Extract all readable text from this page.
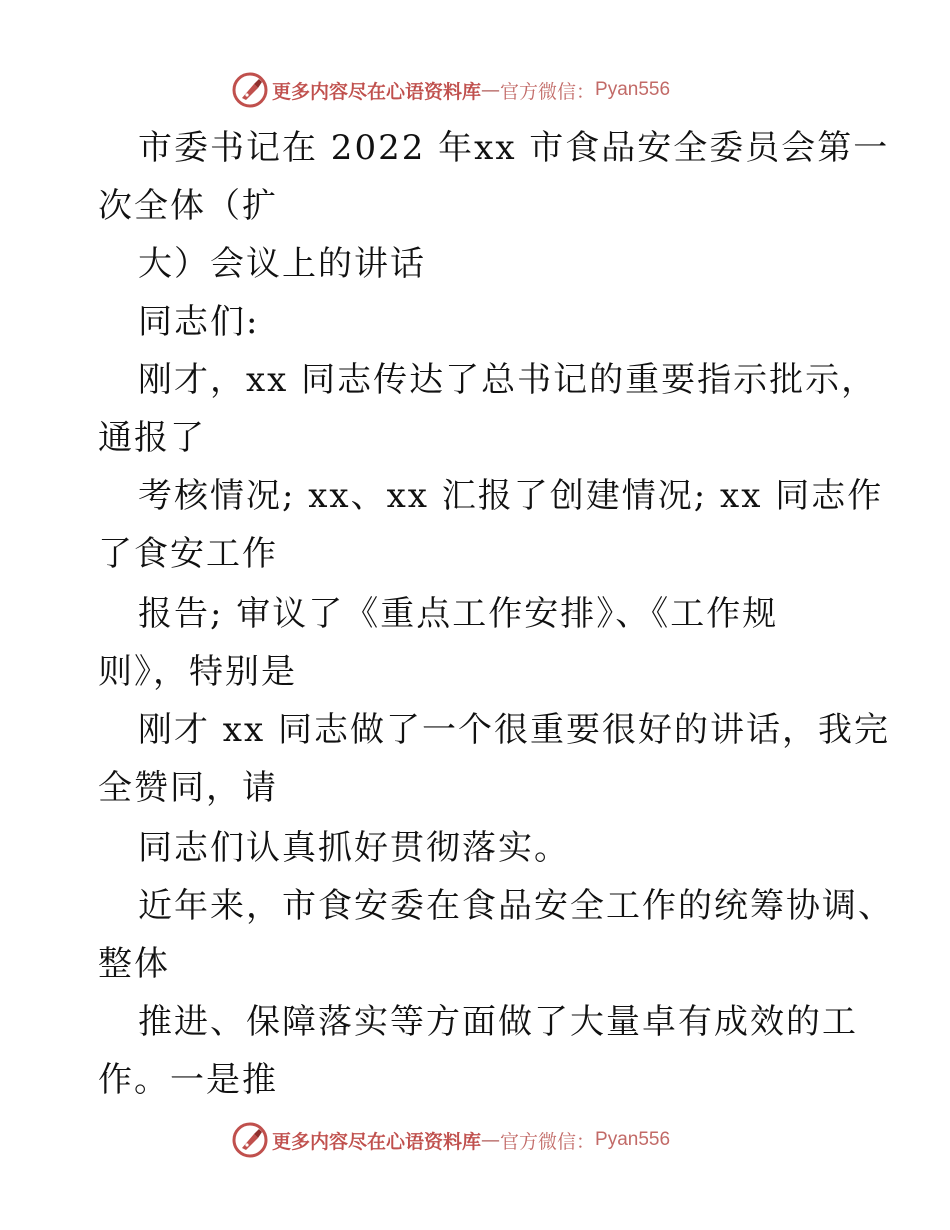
更多内容尽在心语资料库 — 官方微信： Pyan556
市委书记在 2022 年xx 市食品安全委员会第一
次全体（扩
大）会议上的讲话
同志们:
刚才，xx 同志传达了总书记的重要指示批示，
通报了
考核情况; xx、xx 汇报了创建情况; xx 同志作
了食安工作
报告; 审议了《重点工作安排》、《工作规
则》，特别是
刚才 xx 同志做了一个很重要很好的讲话，我完
全赞同，请
同志们认真抓好贯彻落实。
近年来，市食安委在食品安全工作的统筹协调、
整体
推进、保障落实等方面做了大量卓有成效的工
作。一是推
更多内容尽在心语资料库 — 官方微信： Pyan556
